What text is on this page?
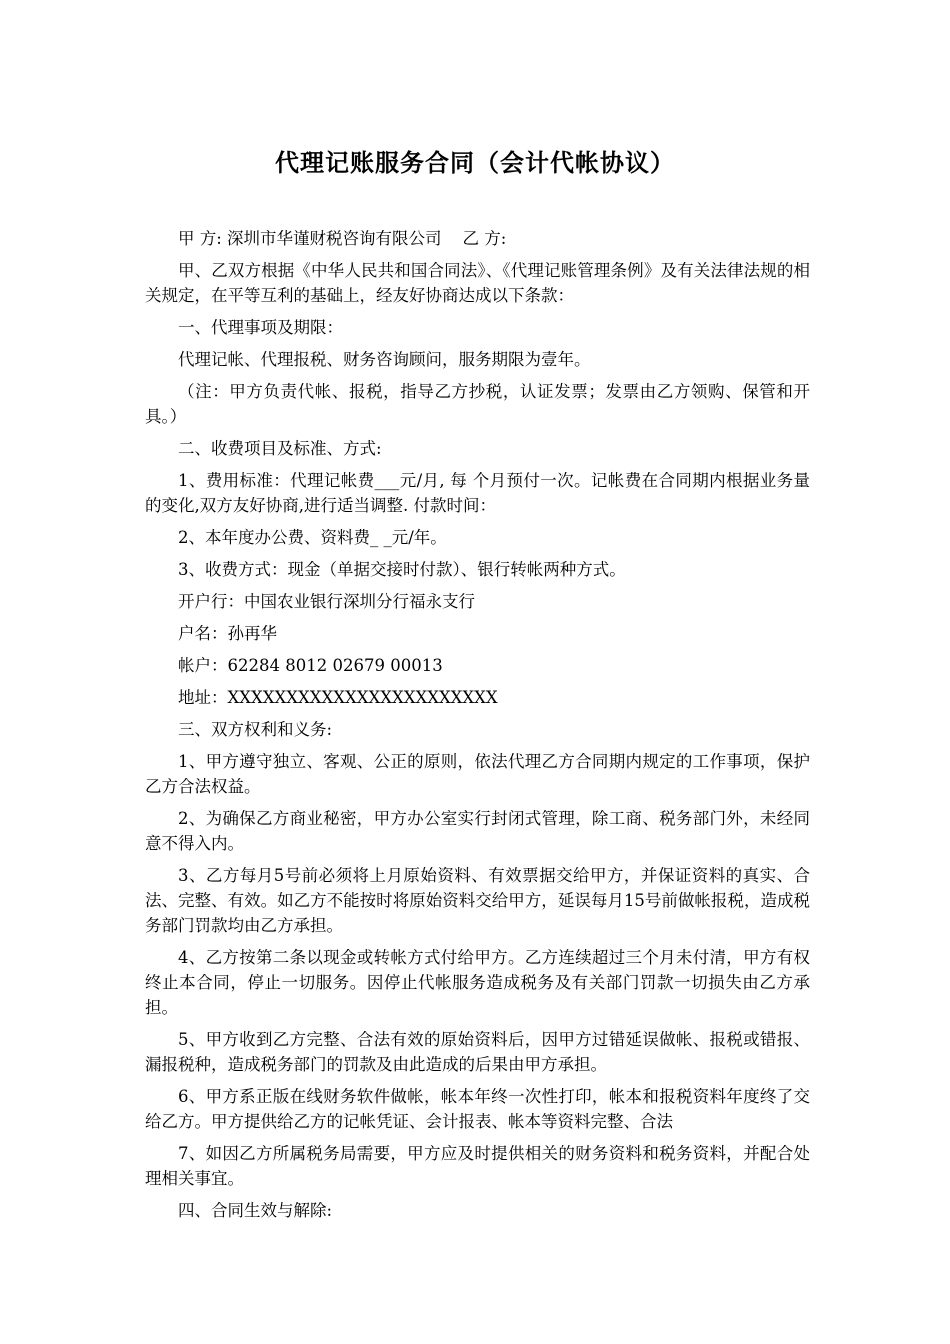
代理记账服务合同（会计代帐协议）

甲 方: 深圳市华谨财税咨询有限公司    乙 方:

甲、乙双方根据《中华人民共和国合同法》、《代理记账管理条例》及有关法律法规的相关规定，在平等互利的基础上，经友好协商达成以下条款：

一、代理事项及期限：

代理记帐、代理报税、财务咨询顾问，服务期限为壹年。

（注：甲方负责代帐、报税，指导乙方抄税，认证发票；发票由乙方领购、保管和开具。）

二、收费项目及标准、方式:

1、费用标准：代理记帐费___元/月, 每 个月预付一次。记帐费在合同期内根据业务量的变化,双方友好协商,进行适当调整. 付款时间：

2、本年度办公费、资料费_ _元/年。

3、收费方式：现金（单据交接时付款）、银行转帐两种方式。

开户行：中国农业银行深圳分行福永支行

户名：孙再华

帐户：62284 8012 02679 00013

地址：XXXXXXXXXXXXXXXXXXXXXXX

三、双方权利和义务:

1、甲方遵守独立、客观、公正的原则，依法代理乙方合同期内规定的工作事项，保护乙方合法权益。

2、为确保乙方商业秘密，甲方办公室实行封闭式管理，除工商、税务部门外，未经同意不得入内。

3、乙方每月5号前必须将上月原始资料、有效票据交给甲方，并保证资料的真实、合法、完整、有效。如乙方不能按时将原始资料交给甲方，延误每月15号前做帐报税，造成税务部门罚款均由乙方承担。

4、乙方按第二条以现金或转帐方式付给甲方。乙方连续超过三个月未付清，甲方有权终止本合同，停止一切服务。因停止代帐服务造成税务及有关部门罚款一切损失由乙方承担。

5、甲方收到乙方完整、合法有效的原始资料后，因甲方过错延误做帐、报税或错报、漏报税种，造成税务部门的罚款及由此造成的后果由甲方承担。

6、甲方系正版在线财务软件做帐，帐本年终一次性打印，帐本和报税资料年度终了交给乙方。甲方提供给乙方的记帐凭证、会计报表、帐本等资料完整、合法

7、如因乙方所属税务局需要，甲方应及时提供相关的财务资料和税务资料，并配合处理相关事宜。

四、合同生效与解除:
